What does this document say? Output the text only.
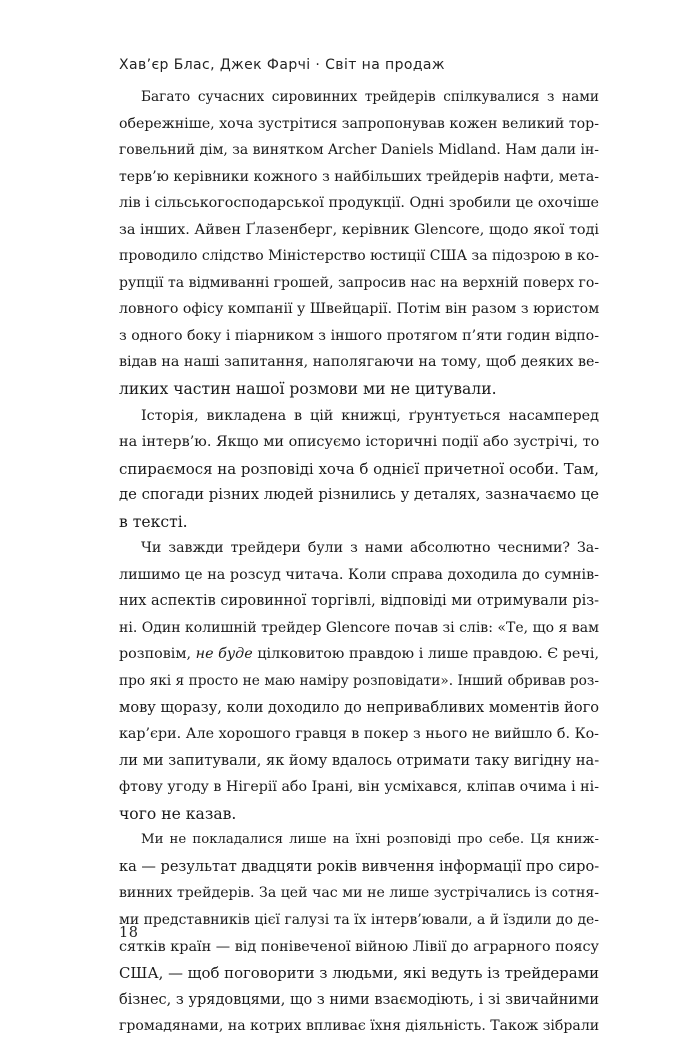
Хав’єр Блас, Джек Фарчі · Світ на продаж
Багато сучасних сировинних трейдерів спілкувалися з нами
обережніше, хоча зустрітися запропонував кожен великий тор-
говельний дім, за винятком Archer Daniels Midland. Нам дали ін-
терв’ю керівники кожного з найбільших трейдерів нафти, мета-
лів і сільськогосподарської продукції. Одні зробили це охочіше
за інших. Айвен Ґлазенберг, керівник Glencore, щодо якої тоді
проводило слідство Міністерство юстиції США за підозрою в ко-
рупції та відмиванні грошей, запросив нас на верхній поверх го-
ловного офісу компанії у Швейцарії. Потім він разом з юристом
з одного боку і піарником з іншого протягом п’яти годин відпо-
відав на наші запитання, наполягаючи на тому, щоб деяких ве-
ликих частин нашої розмови ми не цитували.
Історія, викладена в цій книжці, ґрунтується насамперед
на інтерв’ю. Якщо ми описуємо історичні події або зустрічі, то
спираємося на розповіді хоча б однієї причетної особи. Там,
де спогади різних людей різнились у деталях, зазначаємо це
в тексті.
Чи завжди трейдери були з нами абсолютно чесними? За-
лишимо це на розсуд читача. Коли справа доходила до сумнів-
них аспектів сировинної торгівлі, відповіді ми отримували різ-
ні. Один колишній трейдер Glencore почав зі слів: «Те, що я вам
розповім, не буде цілковитою правдою і лише правдою. Є речі,
про які я просто не маю наміру розповідати». Інший обривав роз-
мову щоразу, коли доходило до непривабливих моментів його
кар’єри. Але хорошого гравця в покер з нього не вийшло б. Ко-
ли ми запитували, як йому вдалось отримати таку вигідну на-
фтову угоду в Нігерії або Ірані, він усміхався, кліпав очима і ні-
чого не казав.
Ми не покладалися лише на їхні розповіді про себе. Ця книж-
ка — результат двадцяти років вивчення інформації про сиро-
винних трейдерів. За цей час ми не лише зустрічались із сотня-
ми представників цієї галузі та їх інтерв’ювали, а й їздили до де-
сятків країн — від понівеченої війною Лівії до аграрного поясу
США, — щоб поговорити з людьми, які ведуть із трейдерами
бізнес, з урядовцями, що з ними взаємодіють, і зі звичайними
громадянами, на котрих впливає їхня діяльність. Також зібрали
18
